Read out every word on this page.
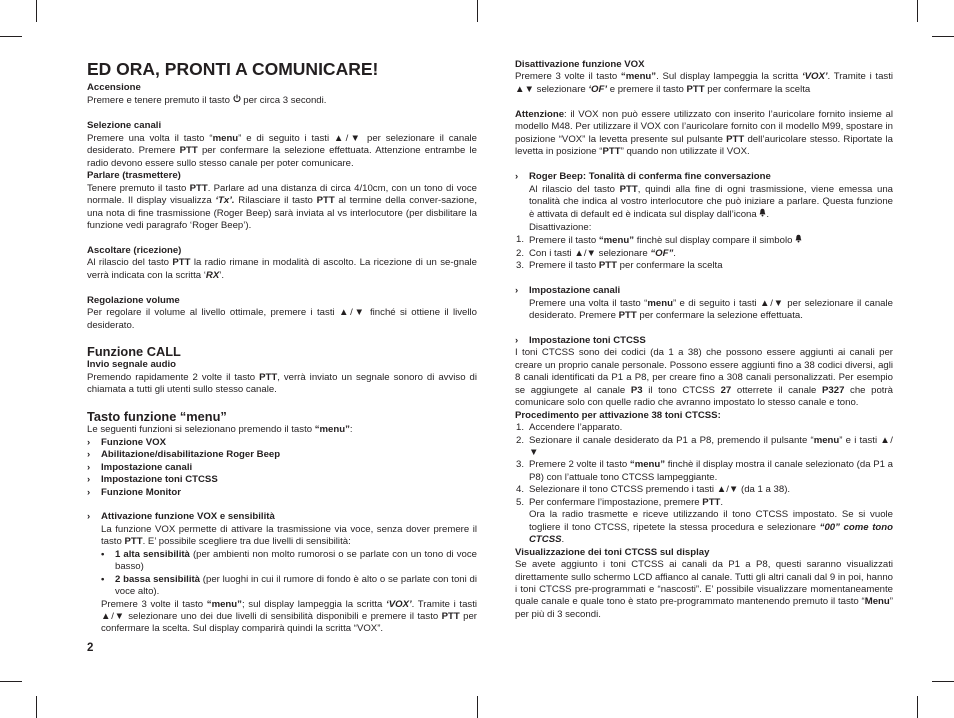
ED ORA, PRONTI A COMUNICARE!
Accensione
Premere e tenere premuto il tasto  per circa 3 secondi.
Selezione canali
Premere una volta il tasto “menu” e di seguito i tasti ▲/▼ per selezionare il canale desiderato. Premere PTT per confermare la selezione effettuata. Attenzione entrambe le radio devono essere sullo stesso canale per poter comunicare.
Parlare (trasmettere)
Tenere premuto il tasto PTT. Parlare ad una distanza di circa 4/10cm, con un tono di voce normale. Il display visualizza ‘Tx’. Rilasciare il tasto PTT al termine della conver-sazione, una nota di fine trasmissione (Roger Beep) sarà inviata al vs interlocutore (per disbilitare la funzione vedi paragrafo ‘Roger Beep’).
Ascoltare (ricezione)
Al rilascio del tasto PTT la radio rimane in modalità di ascolto. La ricezione di un se-gnale verrà indicata con la scritta ‘RX’.
Regolazione volume
Per regolare il volume al livello ottimale, premere i tasti ▲/▼ finché si ottiene il livello desiderato.
Funzione CALL
Invio segnale audio
Premendo rapidamente 2 volte il tasto PTT, verrà inviato un segnale sonoro di avviso di chiamata a tutti gli utenti sullo stesso canale.
Tasto funzione “menu”
Le seguenti funzioni si selezionano premendo il tasto “menu”:
›	Funzione VOX
›	Abilitazione/disabilitazione Roger Beep
›	Impostazione canali
›	Impostazione toni CTCSS
›	Funzione Monitor
›	Attivazione funzione VOX e sensibilità
La funzione VOX permette di attivare la trasmissione via voce, senza dover premere il tasto PTT. E’ possibile scegliere tra due livelli di sensibilità:
•	1 alta sensibilità (per ambienti non molto rumorosi o se parlate con un tono di voce basso)
•	2 bassa sensibilità (per luoghi in cui il rumore di fondo è alto o se parlate con toni di voce alto).
Premere 3 volte il tasto “menu”; sul display lampeggia la scritta ‘VOX’. Tramite i tasti ▲/▼ selezionare uno dei due livelli di sensibilità disponibili e premere il tasto PTT per confermare la scelta. Sul display comparirà quindi la scritta “VOX”.
2
Disattivazione funzione VOX
Premere 3 volte il tasto “menu”. Sul display lampeggia la scritta ‘VOX’. Tramite i tasti ▲▼ selezionare ‘OF’ e premere il tasto PTT per confermare la scelta
Attenzione: il VOX non può essere utilizzato con inserito l’auricolare fornito insieme al modello M48. Per utilizzare il VOX con l’auricolare fornito con il modello M99, spostare in posizione “VOX” la levetta presente sul pulsante PTT dell’auricolare stesso. Riportate la levetta in posizione “PTT” quando non utilizzate il VOX.
›	Roger Beep: Tonalità di conferma fine conversazione
Al rilascio del tasto PTT, quindi alla fine di ogni trasmissione, viene emessa una tonalità che indica al vostro interlocutore che può iniziare a parlare. Questa funzione è attivata di default ed è indicata sul display dall’icona .
Disattivazione:
1. Premere il tasto “menu” finchè sul display compare il simbolo
2. Con i tasti ▲/▼ selezionare “OF”.
3. Premere il tasto PTT per confermare la scelta
›	Impostazione canali
Premere una volta il tasto “menu” e di seguito i tasti ▲/▼ per selezionare il canale desiderato. Premere PTT per confermare la selezione effettuata.
›	Impostazione toni CTCSS
I toni CTCSS sono dei codici (da 1 a 38) che possono essere aggiunti ai canali per creare un proprio canale personale. Possono essere aggiunti fino a 38 codici diversi, agli 8 canali identificati da P1 a P8, per creare fino a 308 canali personalizzati. Per esempio se aggiungete al canale P3 il tono CTCSS 27 otterrete il canale P327 che potrà comunicare solo con quelle radio che avranno impostato lo stesso canale e tono.
Procedimento per attivazione 38 toni CTCSS:
1. Accendere l’apparato.
2. Sezionare il canale desiderato da P1 a P8, premendo il pulsante “menu” e i tasti ▲/▼
3. Premere 2 volte il tasto “menu” finchè il display mostra il canale selezionato (da P1 a P8) con l’attuale tono CTCSS lampeggiante.
4. Selezionare il tono CTCSS premendo i tasti ▲/▼ (da 1 a 38).
5. Per confermare l’impostazione, premere PTT.
Ora la radio trasmette e riceve utilizzando il tono CTCSS impostato. Se si vuole togliere il tono CTCSS, ripetete la stessa procedura e selezionare “00” come tono CTCSS.
Visualizzazione dei toni CTCSS sul display
Se avete aggiunto i toni CTCSS ai canali da P1 a P8, questi saranno visualizzati direttamente sullo schermo LCD affianco al canale. Tutti gli altri canali dal 9 in poi, hanno i toni CTCSS pre-programmati e “nascosti”. E’ possibile visualizzare momentaneamente quale canale e quale tono è stato pre-programmato mantenendo premuto il tasto “Menu” per più di 3 secondi.
